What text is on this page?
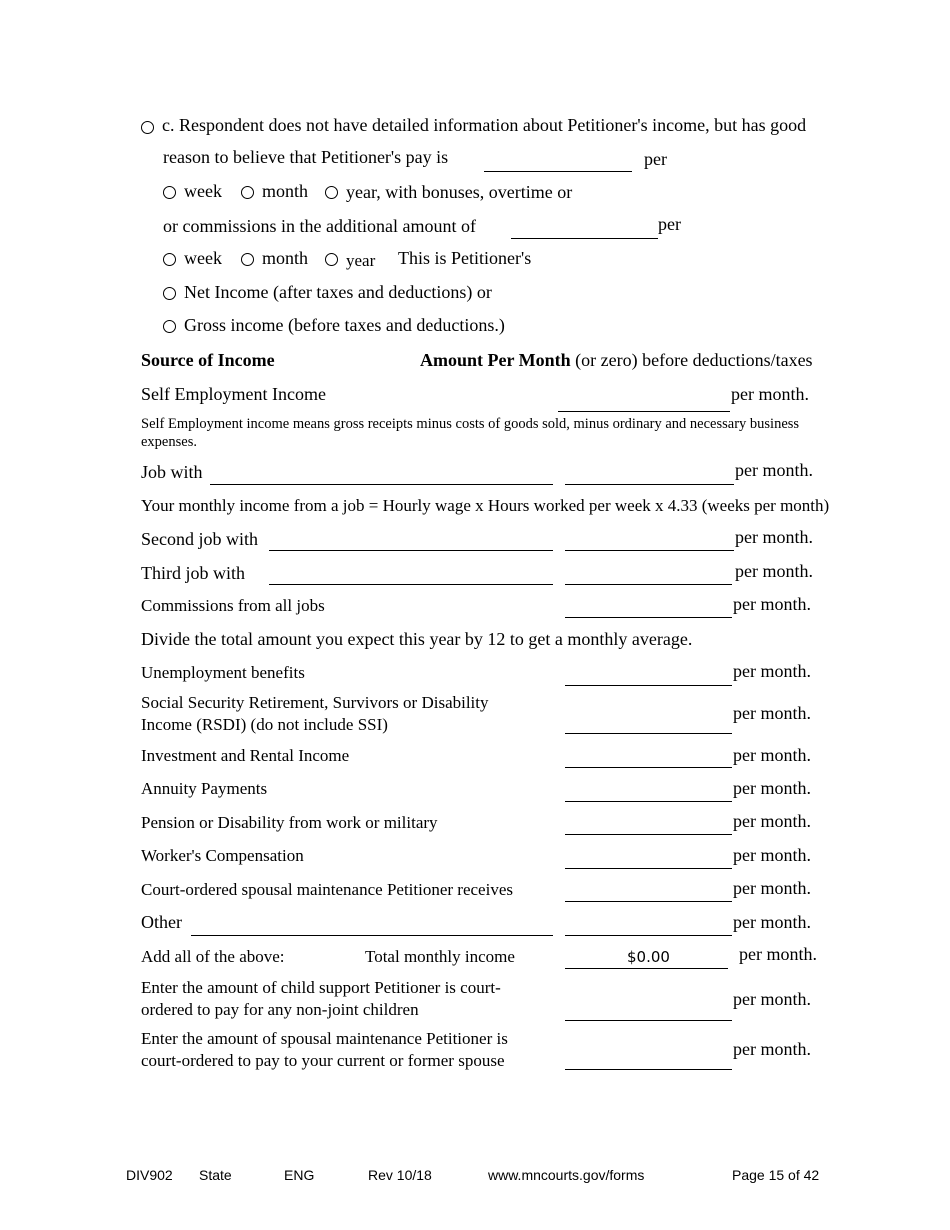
c. Respondent does not have detailed information about Petitioner's income, but has good
reason to believe that Petitioner's pay is	per
week month year, with bonuses, overtime or
or commissions in the additional amount of	per
week month year This is Petitioner's
Net Income (after taxes and deductions) or
Gross income (before taxes and deductions.)
Source of Income	Amount Per Month (or zero) before deductions/taxes
Self Employment Income	per month.
Self Employment income means gross receipts minus costs of goods sold, minus ordinary and necessary business expenses.
Job with	per month.
Your monthly income from a job = Hourly wage x Hours worked per week x 4.33 (weeks per month)
Second job with	per month.
Third job with	per month.
Commissions from all jobs	per month.
Divide the total amount you expect this year by 12 to get a monthly average.
Unemployment benefits	per month.
Social Security Retirement, Survivors or Disability
Income (RSDI) (do not include SSI)
per month.
Investment and Rental Income	per month.
Annuity Payments	per month.
Pension or Disability from work or military	per month.
Worker's Compensation	per month.
Court-ordered spousal maintenance Petitioner receives	per month.
Other	per month.
Add all of the above:	Total monthly income	$0.00	per month.
Enter the amount of child support Petitioner is court-
ordered to pay for any non-joint children
per month.
Enter the amount of spousal maintenance Petitioner is
court-ordered to pay to your current or former spouse
per month.
DIV902 State	ENG	Rev 10/18	www.mncourts.gov/forms	Page 15 of 42
